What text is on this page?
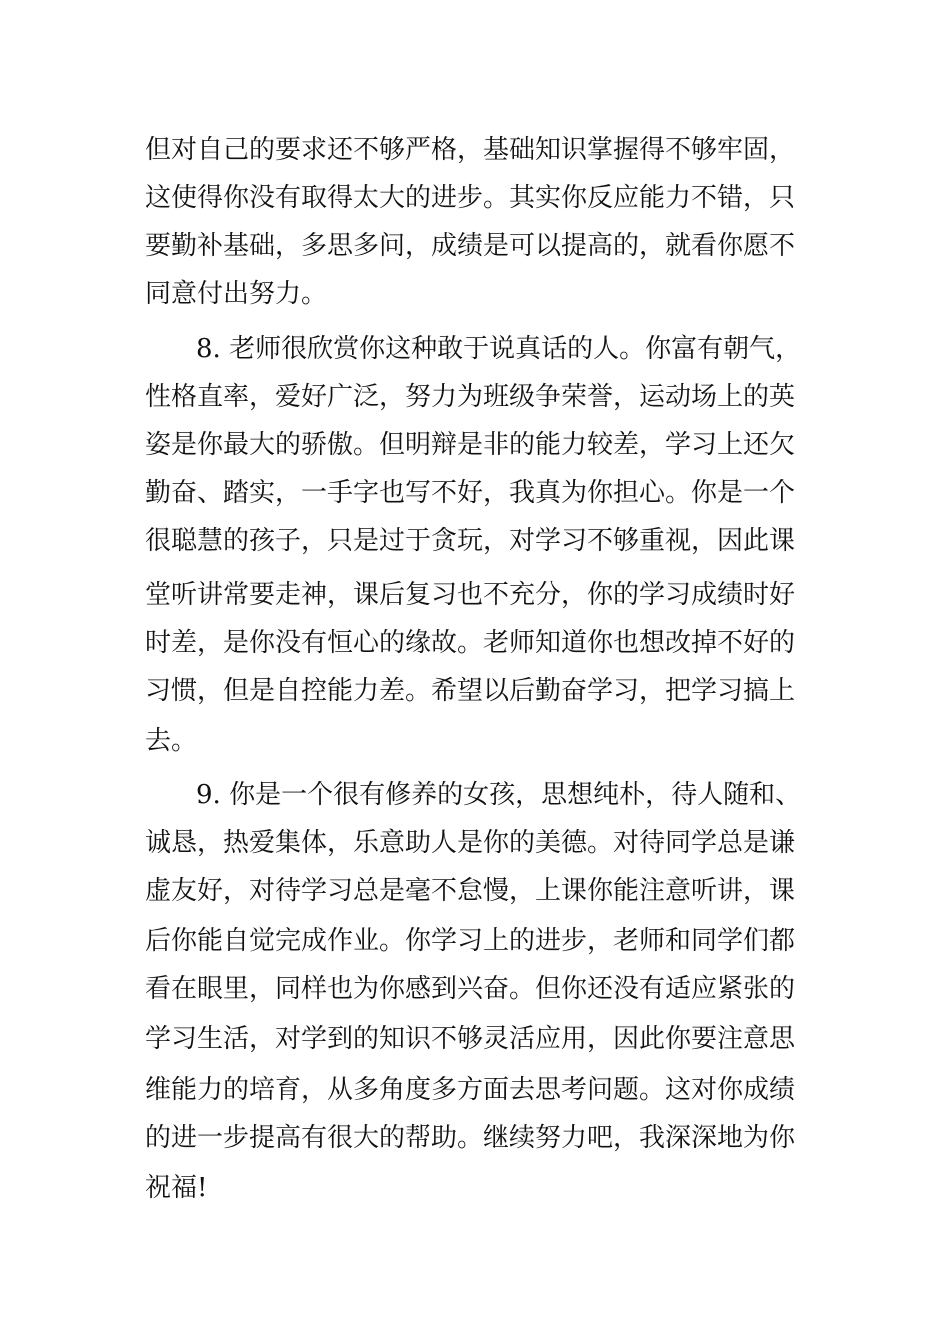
但对自己的要求还不够严格，基础知识掌握得不够牢固，
这使得你没有取得太大的进步。其实你反应能力不错，只
要勤补基础，多思多问，成绩是可以提高的，就看你愿不
同意付出努力。
8. 老师很欣赏你这种敢于说真话的人。你富有朝气，
性格直率，爱好广泛，努力为班级争荣誉，运动场上的英
姿是你最大的骄傲。但明辩是非的能力较差，学习上还欠
勤奋、踏实，一手字也写不好，我真为你担心。你是一个
很聪慧的孩子，只是过于贪玩，对学习不够重视，因此课
堂听讲常要走神，课后复习也不充分，你的学习成绩时好
时差，是你没有恒心的缘故。老师知道你也想改掉不好的
习惯，但是自控能力差。希望以后勤奋学习，把学习搞上
去。
9. 你是一个很有修养的女孩，思想纯朴，待人随和、
诚恳，热爱集体，乐意助人是你的美德。对待同学总是谦
虚友好，对待学习总是毫不怠慢，上课你能注意听讲，课
后你能自觉完成作业。你学习上的进步，老师和同学们都
看在眼里，同样也为你感到兴奋。但你还没有适应紧张的
学习生活，对学到的知识不够灵活应用，因此你要注意思
维能力的培育，从多角度多方面去思考问题。这对你成绩
的进一步提高有很大的帮助。继续努力吧，我深深地为你
祝福!
